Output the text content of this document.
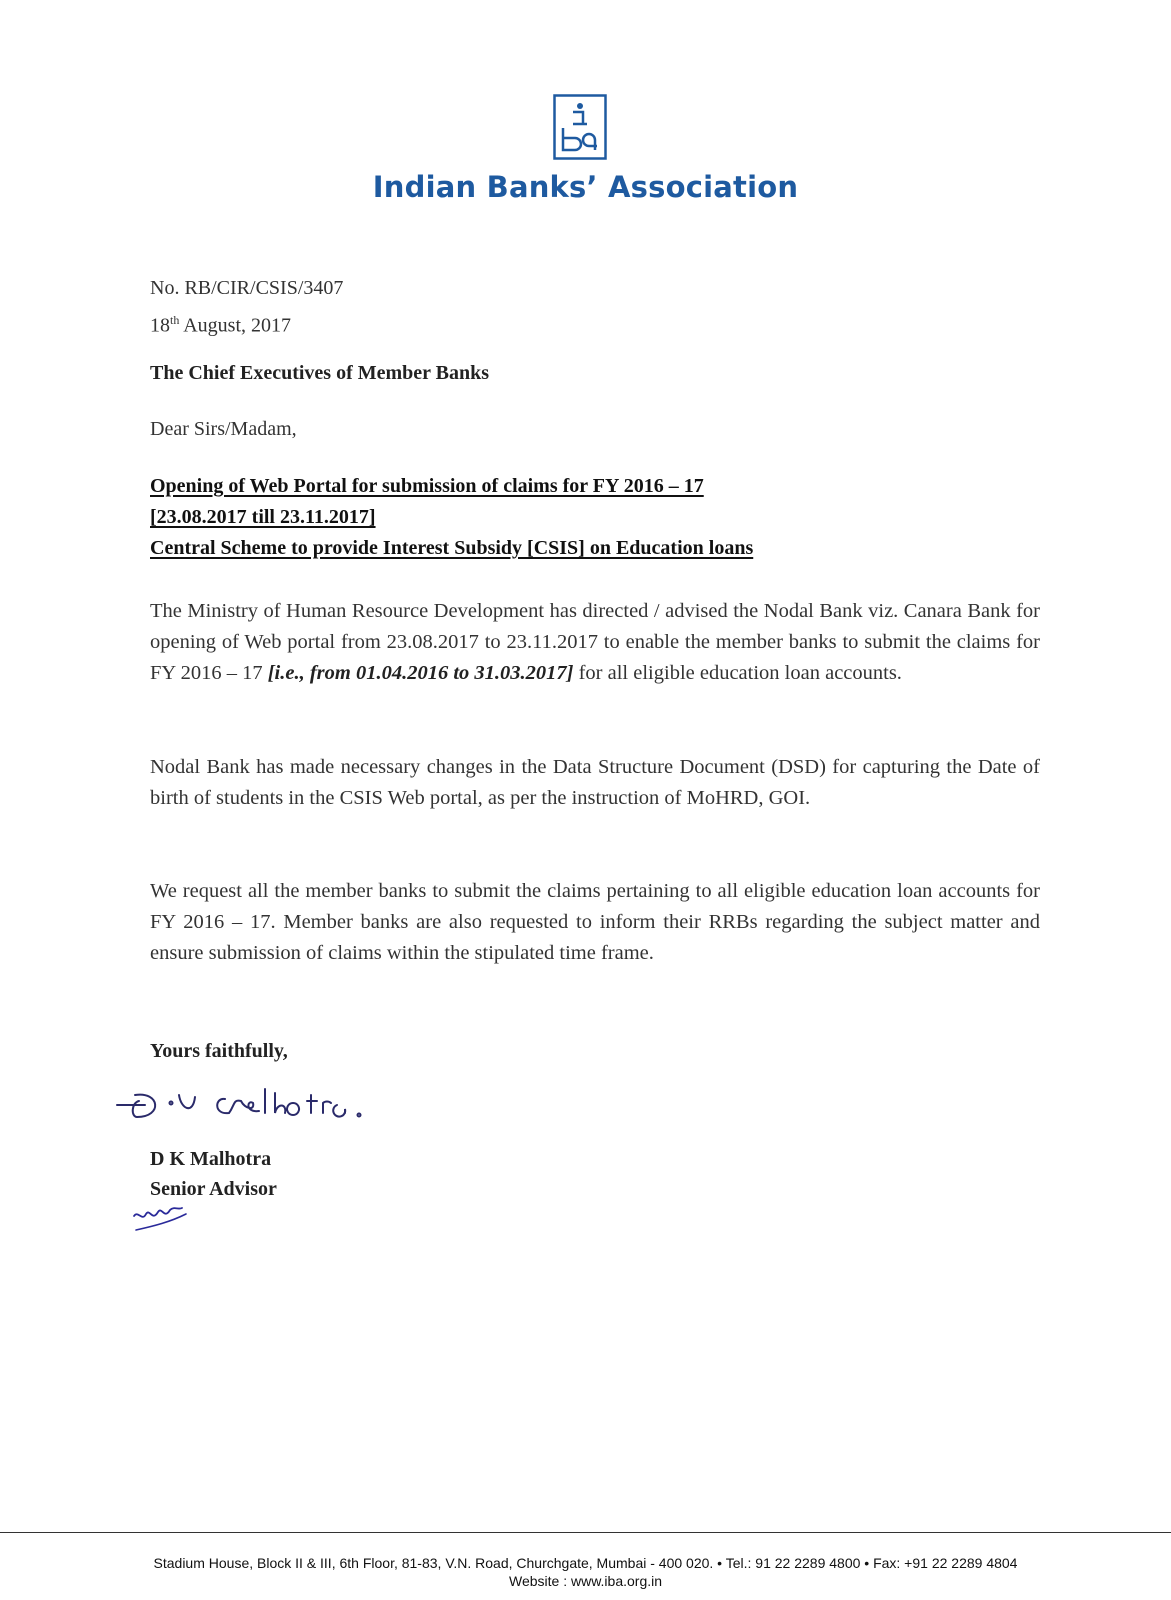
Indian Banks’ Association
No. RB/CIR/CSIS/3407
18th August, 2017
The Chief Executives of Member Banks
Dear Sirs/Madam,
Opening of Web Portal for submission of claims for FY 2016 – 17
[23.08.2017 till 23.11.2017]
Central Scheme to provide Interest Subsidy [CSIS] on Education loans
The Ministry of Human Resource Development has directed / advised the Nodal Bank viz. Canara Bank for opening of Web portal from 23.08.2017 to 23.11.2017 to enable the member banks to submit the claims for FY 2016 – 17 [i.e., from 01.04.2016 to 31.03.2017] for all eligible education loan accounts.
Nodal Bank has made necessary changes in the Data Structure Document (DSD) for capturing the Date of birth of students in the CSIS Web portal, as per the instruction of MoHRD, GOI.
We request all the member banks to submit the claims pertaining to all eligible education loan accounts for FY 2016 – 17. Member banks are also requested to inform their RRBs regarding the subject matter and ensure submission of claims within the stipulated time frame.
Yours faithfully,
D K Malhotra
Senior Advisor
Stadium House, Block II & III, 6th Floor, 81-83, V.N. Road, Churchgate, Mumbai - 400 020. • Tel.: 91 22 2289 4800 • Fax: +91 22 2289 4804
Website : www.iba.org.in
